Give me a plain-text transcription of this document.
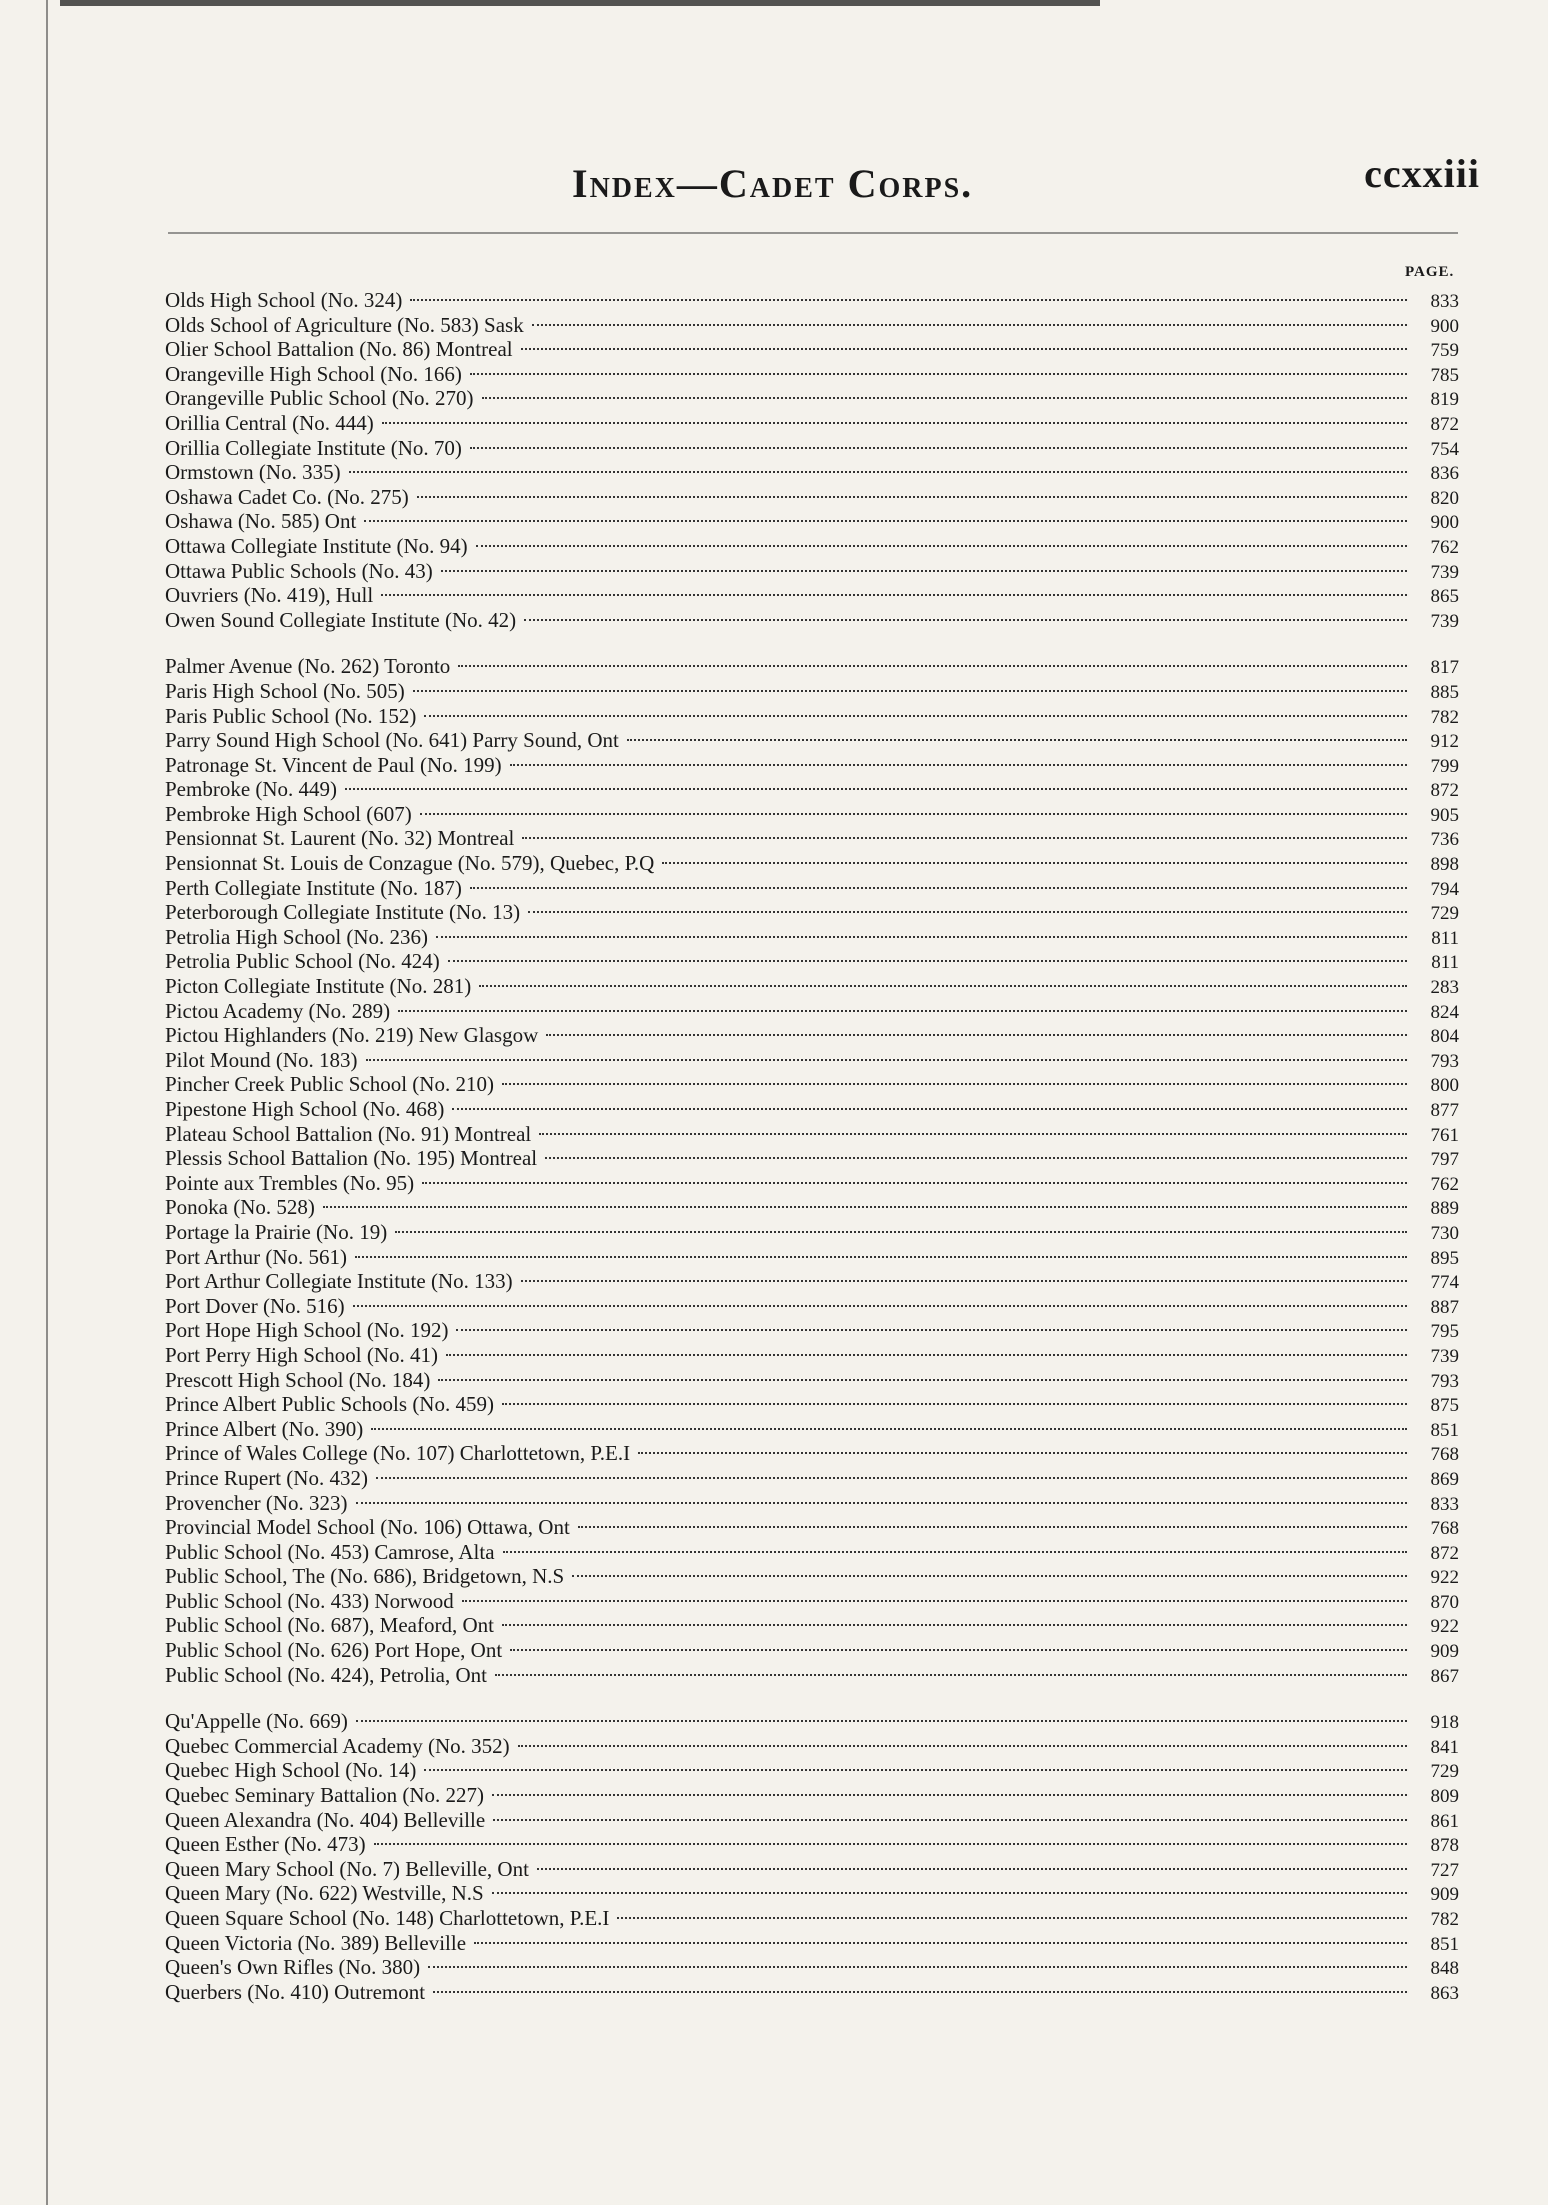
Index—Cadet Corps.	ccxxiii
PAGE.
Olds High School (No. 324)	833
Olds School of Agriculture (No. 583) Sask	900
Olier School Battalion (No. 86) Montreal	759
Orangeville High School (No. 166)	785
Orangeville Public School (No. 270)	819
Orillia Central (No. 444)	872
Orillia Collegiate Institute (No. 70)	754
Ormstown (No. 335)	836
Oshawa Cadet Co. (No. 275)	820
Oshawa (No. 585) Ont	900
Ottawa Collegiate Institute (No. 94)	762
Ottawa Public Schools (No. 43)	739
Ouvriers (No. 419), Hull	865
Owen Sound Collegiate Institute (No. 42)	739
Palmer Avenue (No. 262) Toronto	817
Paris High School (No. 505)	885
Paris Public School (No. 152)	782
Parry Sound High School (No. 641) Parry Sound, Ont	912
Patronage St. Vincent de Paul (No. 199)	799
Pembroke (No. 449)	872
Pembroke High School (607)	905
Pensionnat St. Laurent (No. 32) Montreal	736
Pensionnat St. Louis de Conzague (No. 579), Quebec, P.Q	898
Perth Collegiate Institute (No. 187)	794
Peterborough Collegiate Institute (No. 13)	729
Petrolia High School (No. 236)	811
Petrolia Public School (No. 424)	811
Picton Collegiate Institute (No. 281)	283
Pictou Academy (No. 289)	824
Pictou Highlanders (No. 219) New Glasgow	804
Pilot Mound (No. 183)	793
Pincher Creek Public School (No. 210)	800
Pipestone High School (No. 468)	877
Plateau School Battalion (No. 91) Montreal	761
Plessis School Battalion (No. 195) Montreal	797
Pointe aux Trembles (No. 95)	762
Ponoka (No. 528)	889
Portage la Prairie (No. 19)	730
Port Arthur (No. 561)	895
Port Arthur Collegiate Institute (No. 133)	774
Port Dover (No. 516)	887
Port Hope High School (No. 192)	795
Port Perry High School (No. 41)	739
Prescott High School (No. 184)	793
Prince Albert Public Schools (No. 459)	875
Prince Albert (No. 390)	851
Prince of Wales College (No. 107) Charlottetown, P.E.I	768
Prince Rupert (No. 432)	869
Provencher (No. 323)	833
Provincial Model School (No. 106) Ottawa, Ont	768
Public School (No. 453) Camrose, Alta	872
Public School, The (No. 686), Bridgetown, N.S	922
Public School (No. 433) Norwood	870
Public School (No. 687), Meaford, Ont	922
Public School (No. 626) Port Hope, Ont	909
Public School (No. 424), Petrolia, Ont	867
Qu'Appelle (No. 669)	918
Quebec Commercial Academy (No. 352)	841
Quebec High School (No. 14)	729
Quebec Seminary Battalion (No. 227)	809
Queen Alexandra (No. 404) Belleville	861
Queen Esther (No. 473)	878
Queen Mary School (No. 7) Belleville, Ont	727
Queen Mary (No. 622) Westville, N.S	909
Queen Square School (No. 148) Charlottetown, P.E.I	782
Queen Victoria (No. 389) Belleville	851
Queen's Own Rifles (No. 380)	848
Querbers (No. 410) Outremont	863
